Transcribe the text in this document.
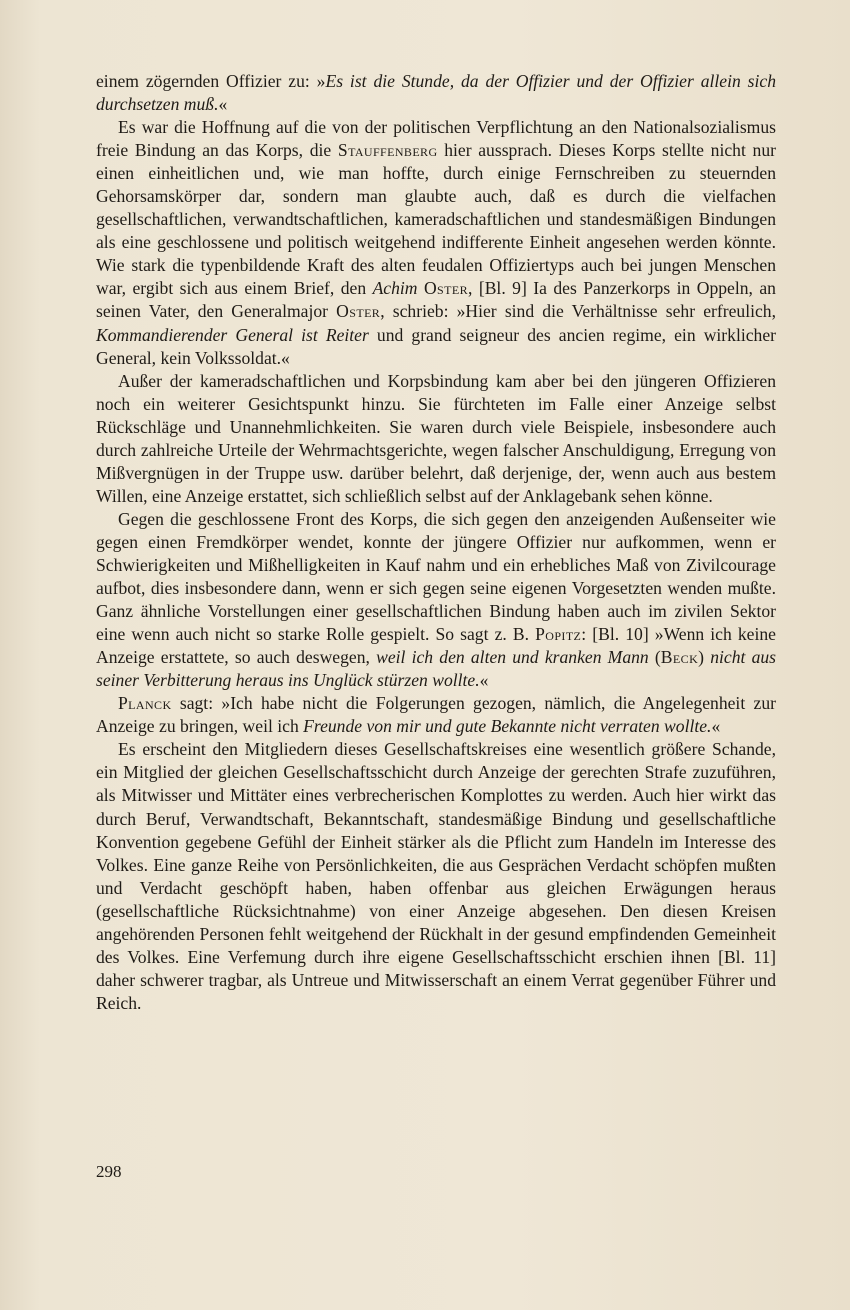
einem zögernden Offizier zu: »Es ist die Stunde, da der Offizier und der Offizier allein sich durchsetzen muß.«

Es war die Hoffnung auf die von der politischen Verpflichtung an den Nationalsozialismus freie Bindung an das Korps, die Stauffenberg hier aussprach. Dieses Korps stellte nicht nur einen einheitlichen und, wie man hoffte, durch einige Fernschreiben zu steuernden Gehorsamskörper dar, sondern man glaubte auch, daß es durch die vielfachen gesellschaftlichen, verwandtschaftlichen, kameradschaftlichen und standesmäßigen Bindungen als eine geschlossene und politisch weitgehend indifferente Einheit angesehen werden könnte. Wie stark die typenbildende Kraft des alten feudalen Offiziertyps auch bei jungen Menschen war, ergibt sich aus einem Brief, den Achim Oster, [Bl. 9] Ia des Panzerkorps in Oppeln, an seinen Vater, den Generalmajor Oster, schrieb: »Hier sind die Verhältnisse sehr erfreulich, Kommandierender General ist Reiter und grand seigneur des ancien regime, ein wirklicher General, kein Volkssoldat.«

Außer der kameradschaftlichen und Korpsbindung kam aber bei den jüngeren Offizieren noch ein weiterer Gesichtspunkt hinzu. Sie fürchteten im Falle einer Anzeige selbst Rückschläge und Unannehmlichkeiten. Sie waren durch viele Beispiele, insbesondere auch durch zahlreiche Urteile der Wehrmachtsgerichte, wegen falscher Anschuldigung, Erregung von Mißvergnügen in der Truppe usw. darüber belehrt, daß derjenige, der, wenn auch aus bestem Willen, eine Anzeige erstattet, sich schließlich selbst auf der Anklagebank sehen könne.

Gegen die geschlossene Front des Korps, die sich gegen den anzeigenden Außenseiter wie gegen einen Fremdkörper wendet, konnte der jüngere Offizier nur aufkommen, wenn er Schwierigkeiten und Mißhelligkeiten in Kauf nahm und ein erhebliches Maß von Zivilcourage aufbot, dies insbesondere dann, wenn er sich gegen seine eigenen Vorgesetzten wenden mußte. Ganz ähnliche Vorstellungen einer gesellschaftlichen Bindung haben auch im zivilen Sektor eine wenn auch nicht so starke Rolle gespielt. So sagt z. B. Popitz: [Bl. 10] »Wenn ich keine Anzeige erstattete, so auch deswegen, weil ich den alten und kranken Mann (Beck) nicht aus seiner Verbitterung heraus ins Unglück stürzen wollte.«

Planck sagt: »Ich habe nicht die Folgerungen gezogen, nämlich, die Angelegenheit zur Anzeige zu bringen, weil ich Freunde von mir und gute Bekannte nicht verraten wollte.«

Es erscheint den Mitgliedern dieses Gesellschaftskreises eine wesentlich größere Schande, ein Mitglied der gleichen Gesellschaftsschicht durch Anzeige der gerechten Strafe zuzuführen, als Mitwisser und Mittäter eines verbrecherischen Komplottes zu werden. Auch hier wirkt das durch Beruf, Verwandtschaft, Bekanntschaft, standesmäßige Bindung und gesellschaftliche Konvention gegebene Gefühl der Einheit stärker als die Pflicht zum Handeln im Interesse des Volkes. Eine ganze Reihe von Persönlichkeiten, die aus Gesprächen Verdacht schöpfen mußten und Verdacht geschöpft haben, haben offenbar aus gleichen Erwägungen heraus (gesellschaftliche Rücksichtnahme) von einer Anzeige abgesehen. Den diesen Kreisen angehörenden Personen fehlt weitgehend der Rückhalt in der gesund empfindenden Gemeinheit des Volkes. Eine Verfemung durch ihre eigene Gesellschaftsschicht erschien ihnen [Bl. 11] daher schwerer tragbar, als Untreue und Mitwisserschaft an einem Verrat gegenüber Führer und Reich.

298
